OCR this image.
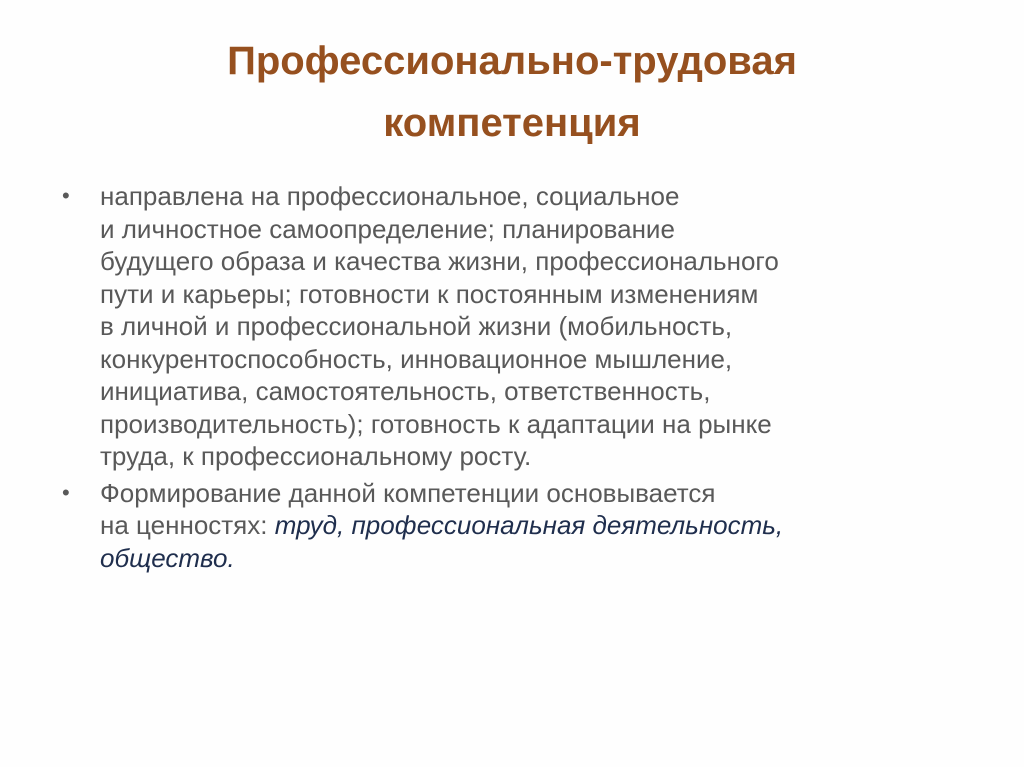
Профессионально-трудовая
компетенция
• направлена на профессиональное, социальное
и личностное самоопределение; планирование
будущего образа и качества жизни, профессионального
пути и карьеры; готовности к постоянным изменениям
в личной и профессиональной жизни (мобильность,
конкурентоспособность, инновационное мышление,
инициатива, самостоятельность, ответственность,
производительность); готовность к адаптации на рынке
труда, к профессиональному росту.
• Формирование данной компетенции основывается
на ценностях: труд, профессиональная деятельность,
общество.
